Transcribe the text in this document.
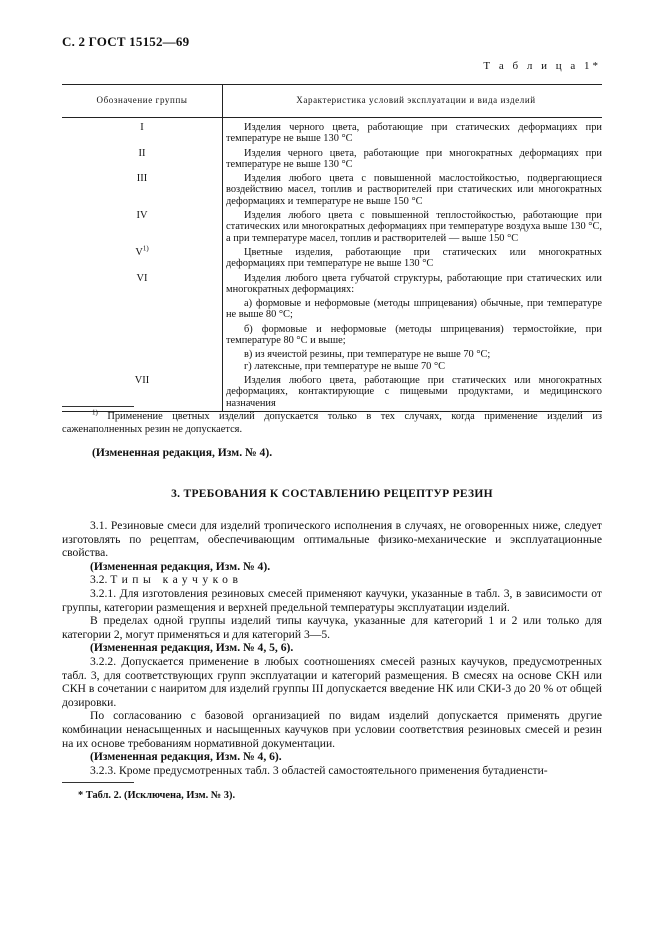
С. 2 ГОСТ 15152—69
Т а б л и ц а 1*
Обозначение группы	Характеристика условий эксплуатации и вида изделий
I	Изделия черного цвета, работающие при статических деформациях при температуре не выше 130 °С

II	Изделия черного цвета, работающие при многократных деформациях при температуре не выше 130 °С

III	Изделия любого цвета с повышенной маслостойкостью, подвергающиеся воздействию масел, топлив и растворителей при статических или многократных деформациях и температуре не выше 150 °С

IV	Изделия любого цвета с повышенной теплостойкостью, работающие при статических или многократных деформациях при температуре воздуха выше 130 °С, а при температуре масел, топлив и растворителей — выше 150 °С

$V^{1)}$	Цветные изделия, работающие при статических или многократных деформациях при температуре не выше 130 °С

VI	Изделия любого цвета губчатой структуры, работающие при статических или многократных деформациях:

а) формовые и неформовые (методы шприцевания) обычные, при температуре не выше 80 °С;

б) формовые и неформовые (методы шприцевания) термостойкие, при температуре 80 °С и выше;

в) из ячеистой резины, при температуре не выше 70 °С;

г) латексные, при температуре не выше 70 °С

VII	Изделия любого цвета, работающие при статических или многократных деформациях, контактирующие с пищевыми продуктами, и медицинского назначения

$^{1)}$ Применение цветных изделий допускается только в тех случаях, когда применение изделий из саженаполненных резин не допускается.
(Измененная редакция, Изм. № 4).
3. ТРЕБОВАНИЯ К СОСТАВЛЕНИЮ РЕЦЕПТУР РЕЗИН

3.1. Резиновые смеси для изделий тропического исполнения в случаях, не оговоренных ниже, следует изготовлять по рецептам, обеспечивающим оптимальные физико-механические и эксплуатационные свойства.

(Измененная редакция, Изм. № 4).

3.2. Типы каучуков

3.2.1. Для изготовления резиновых смесей применяют каучуки, указанные в табл. 3, в зависимости от группы, категории размещения и верхней предельной температуры эксплуатации изделий.

В пределах одной группы изделий типы каучука, указанные для категорий 1 и 2 или только для категории 2, могут применяться и для категорий 3—5.

(Измененная редакция, Изм. № 4, 5, 6).

3.2.2. Допускается применение в любых соотношениях смесей разных каучуков, предусмотренных табл. 3, для соответствующих групп эксплуатации и категорий размещения. В смесях на основе СКН или СКН в сочетании с наиритом для изделий группы III допускается введение НК или СКИ-3 до 20 % от общей дозировки.

По согласованию с базовой организацией по видам изделий допускается применять другие комбинации ненасыщенных и насыщенных каучуков при условии соответствия резиновых смесей и резин на их основе требованиям нормативной документации.

(Измененная редакция, Изм. № 4, 6).

3.2.3. Кроме предусмотренных табл. 3 областей самостоятельного применения бутадиенсти-

* Табл. 2. (Исключена, Изм. № 3).
